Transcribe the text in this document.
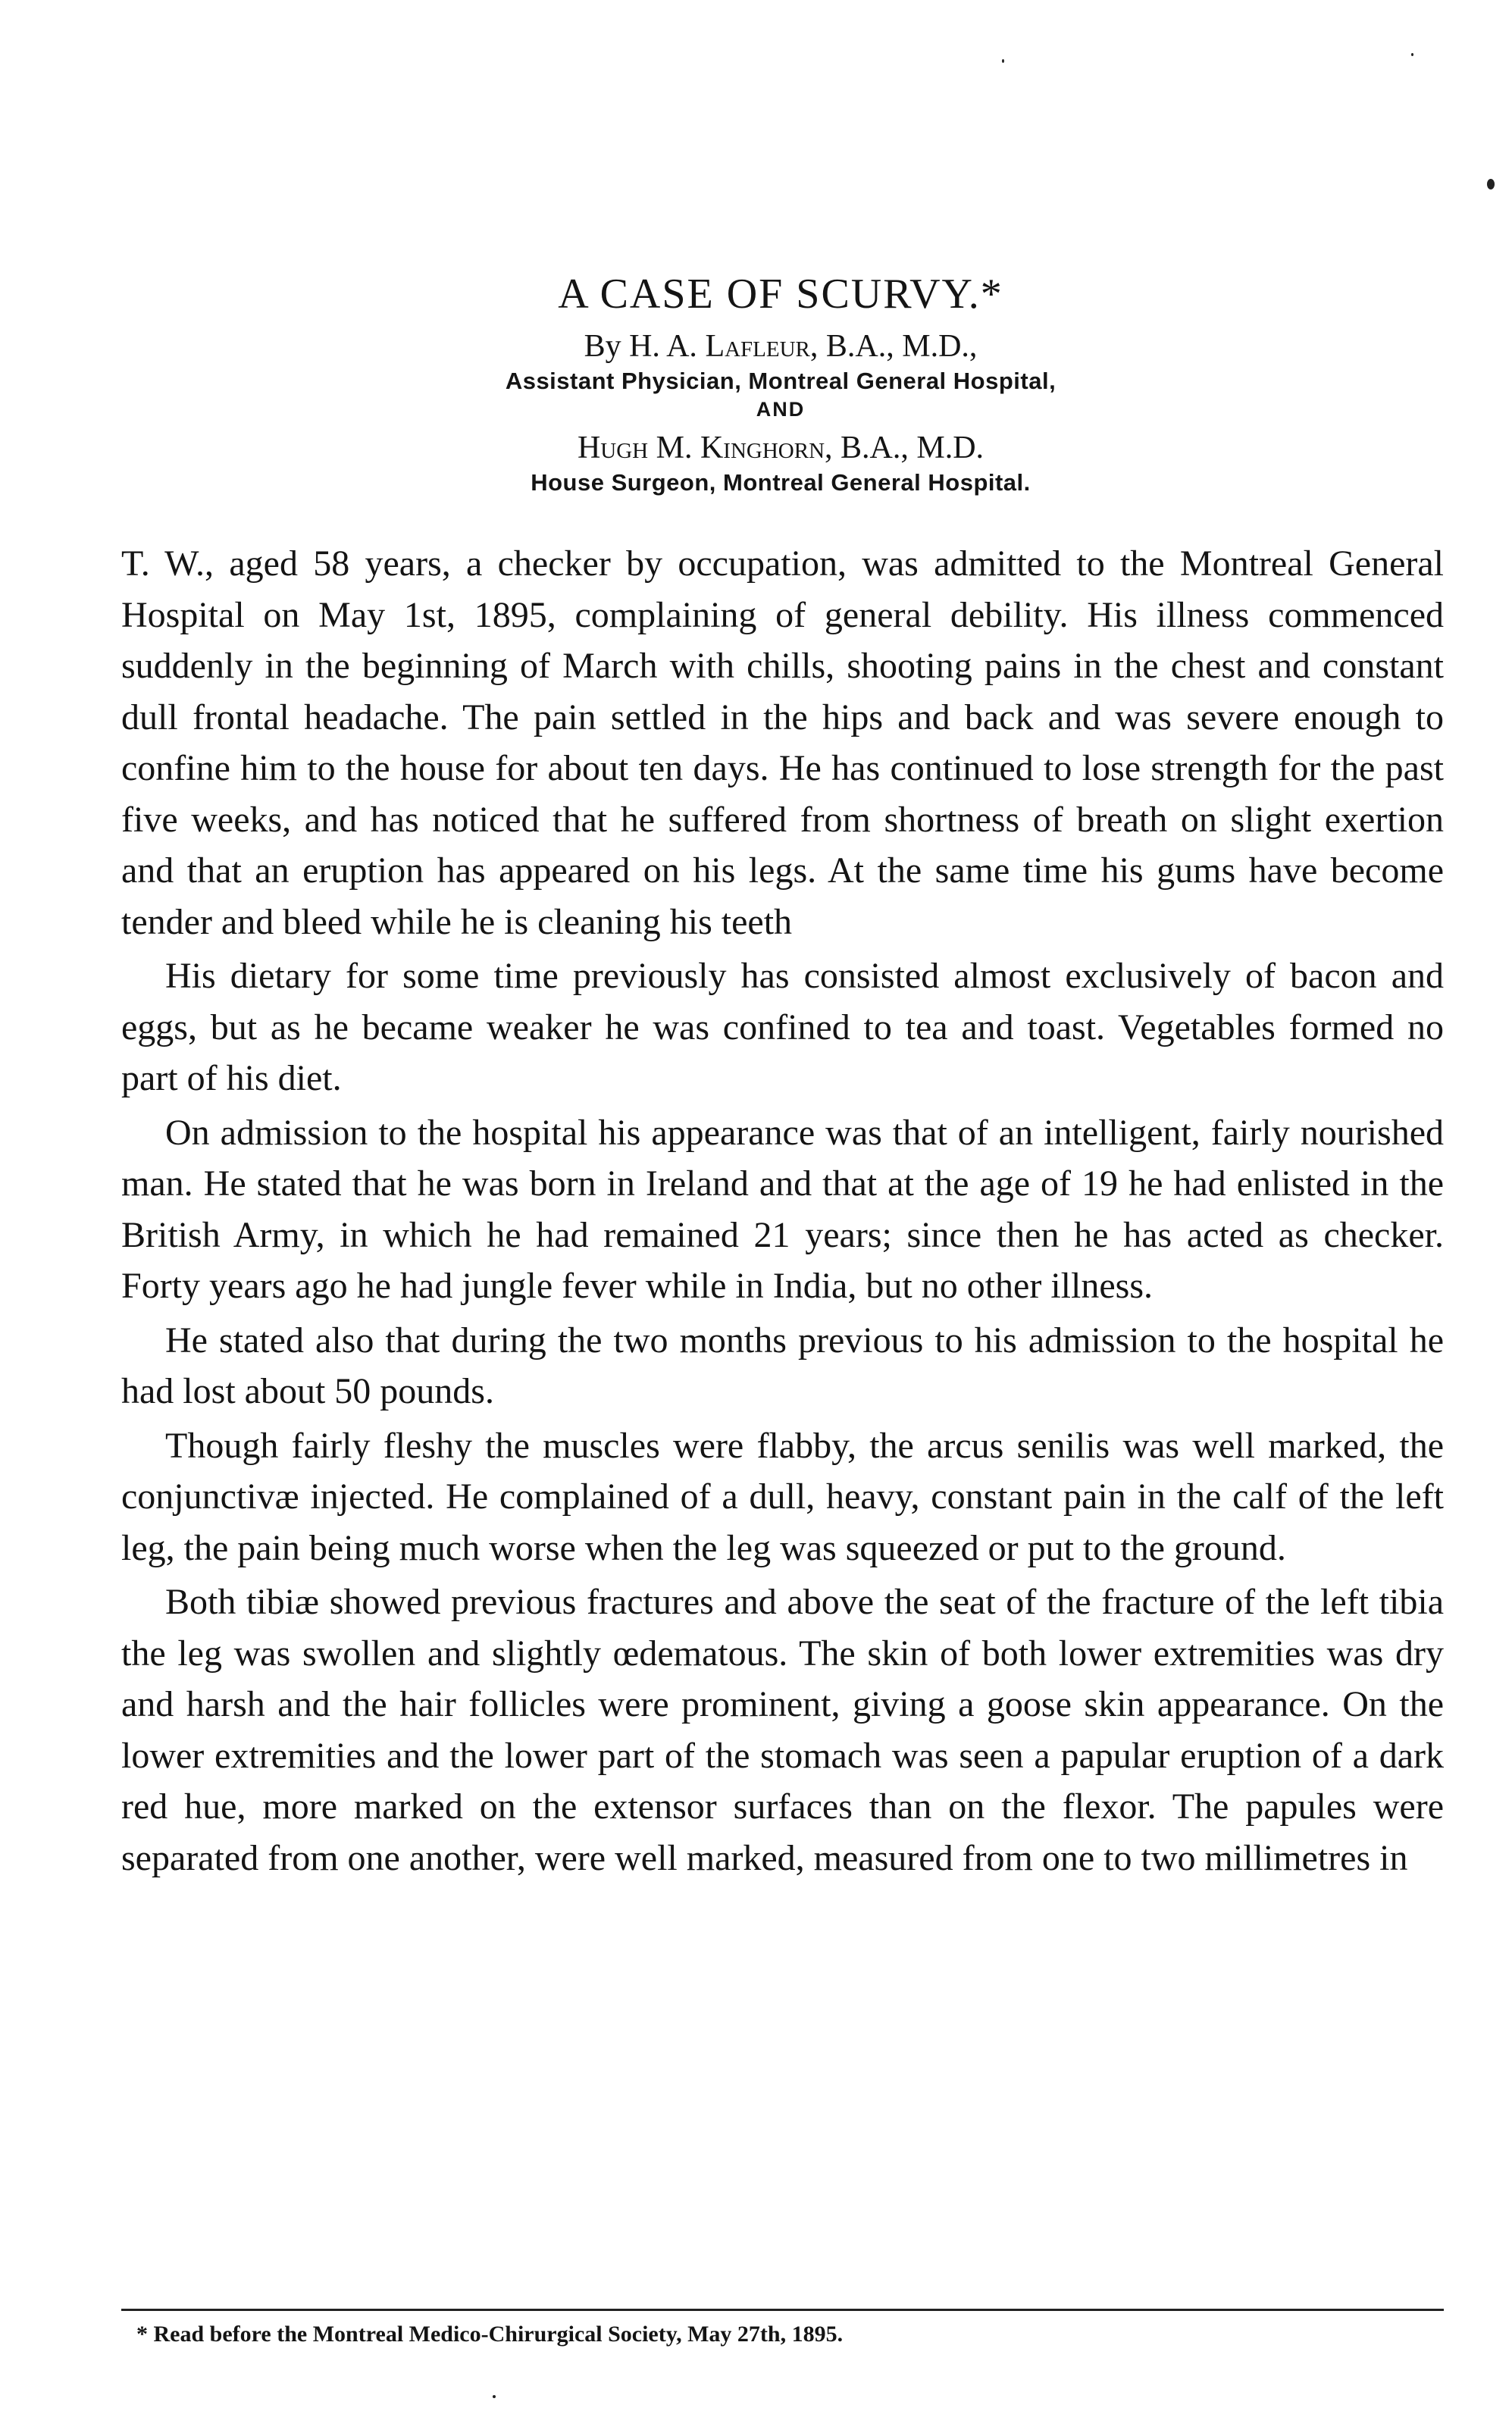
A CASE OF SCURVY.*
By H. A. Lafleur, B.A., M.D.,
Assistant Physician, Montreal General Hospital,
AND
Hugh M. Kinghorn, B.A., M.D.
House Surgeon, Montreal General Hospital.

T. W., aged 58 years, a checker by occupation, was admitted to the Montreal General Hospital on May 1st, 1895, complaining of general debility. His illness commenced suddenly in the beginning of March with chills, shooting pains in the chest and constant dull frontal headache. The pain settled in the hips and back and was severe enough to confine him to the house for about ten days. He has continued to lose strength for the past five weeks, and has noticed that he suffered from shortness of breath on slight exertion and that an eruption has appeared on his legs. At the same time his gums have become tender and bleed while he is cleaning his teeth

His dietary for some time previously has consisted almost exclusively of bacon and eggs, but as he became weaker he was confined to tea and toast. Vegetables formed no part of his diet.

On admission to the hospital his appearance was that of an intelligent, fairly nourished man. He stated that he was born in Ireland and that at the age of 19 he had enlisted in the British Army, in which he had remained 21 years; since then he has acted as checker. Forty years ago he had jungle fever while in India, but no other illness.

He stated also that during the two months previous to his admission to the hospital he had lost about 50 pounds.

Though fairly fleshy the muscles were flabby, the arcus senilis was well marked, the conjunctivæ injected. He complained of a dull, heavy, constant pain in the calf of the left leg, the pain being much worse when the leg was squeezed or put to the ground.

Both tibiæ showed previous fractures and above the seat of the fracture of the left tibia the leg was swollen and slightly œdematous. The skin of both lower extremities was dry and harsh and the hair follicles were prominent, giving a goose skin appearance. On the lower extremities and the lower part of the stomach was seen a papular eruption of a dark red hue, more marked on the extensor surfaces than on the flexor. The papules were separated from one another, were well marked, measured from one to two millimetres in

* Read before the Montreal Medico-Chirurgical Society, May 27th, 1895.
